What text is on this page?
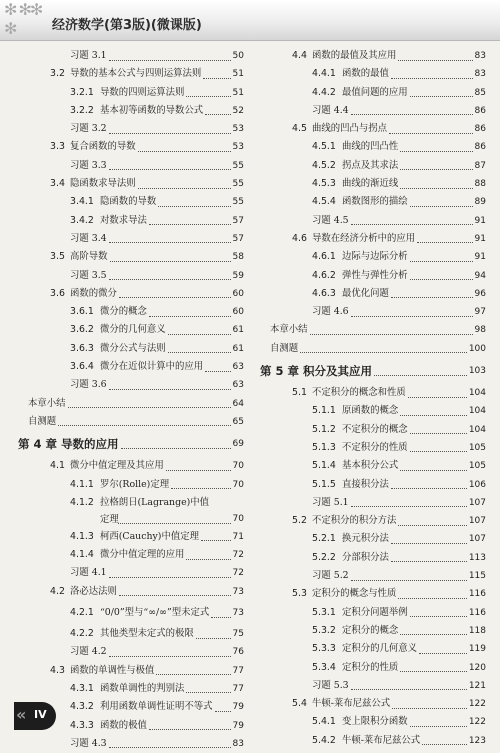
✻ ✻✻ ✻	经济数学(第3版)(微课版)
习题 3.1	50
3.2 导数的基本公式与四则运算法则	51
3.2.1 导数的四则运算法则	51
3.2.2 基本初等函数的导数公式	52
习题 3.2	53
3.3 复合函数的导数	53
习题 3.3	55
3.4 隐函数求导法则	55
3.4.1 隐函数的导数	55
3.4.2 对数求导法	57
习题 3.4	57
3.5 高阶导数	58
习题 3.5	59
3.6 函数的微分	60
3.6.1 微分的概念	60
3.6.2 微分的几何意义	61
3.6.3 微分公式与法则	61
3.6.4 微分在近似计算中的应用	63
习题 3.6	63
本章小结	64
自测题	65
第 4 章 导数的应用	69
4.1 微分中值定理及其应用	70
4.1.1 罗尔(Rolle)定理	70
4.1.2 拉格朗日(Lagrange)中值定理	70
4.1.3 柯西(Cauchy)中值定理	71
4.1.4 微分中值定理的应用	72
习题 4.1	72
4.2 洛必达法则	73
4.2.1 “0/0”型与“∞/∞”型未定式	73
4.2.2 其他类型未定式的极限	75
习题 4.2	76
4.3 函数的单调性与极值	77
4.3.1 函数单调性的判别法	77
4.3.2 利用函数单调性证明不等式 79
4.3.3 函数的极值	79
习题 4.3	83
4.4 函数的最值及其应用	83
4.4.1 函数的最值	83
4.4.2 最值问题的应用	85
习题 4.4	86
4.5 曲线的凹凸与拐点	86
4.5.1 曲线的凹凸性	86
4.5.2 拐点及其求法	87
4.5.3 曲线的渐近线	88
4.5.4 函数图形的描绘	89
习题 4.5	91
4.6 导数在经济分析中的应用	91
4.6.1 边际与边际分析	91
4.6.2 弹性与弹性分析	94
4.6.3 最优化问题	96
习题 4.6	97
本章小结	98
自测题	100
第 5 章 积分及其应用	103
5.1 不定积分的概念和性质	104
5.1.1 原函数的概念	104
5.1.2 不定积分的概念	104
5.1.3 不定积分的性质	105
5.1.4 基本积分公式	105
5.1.5 直接积分法	106
习题 5.1	107
5.2 不定积分的积分方法	107
5.2.1 换元积分法	107
5.2.2 分部积分法	113
习题 5.2	115
5.3 定积分的概念与性质	116
5.3.1 定积分问题举例	116
5.3.2 定积分的概念	118
5.3.3 定积分的几何意义	119
5.3.4 定积分的性质	120
习题 5.3	121
5.4 牛顿-莱布尼兹公式	122
5.4.1 变上限积分函数	122
5.4.2 牛顿-莱布尼兹公式	123
« IV
